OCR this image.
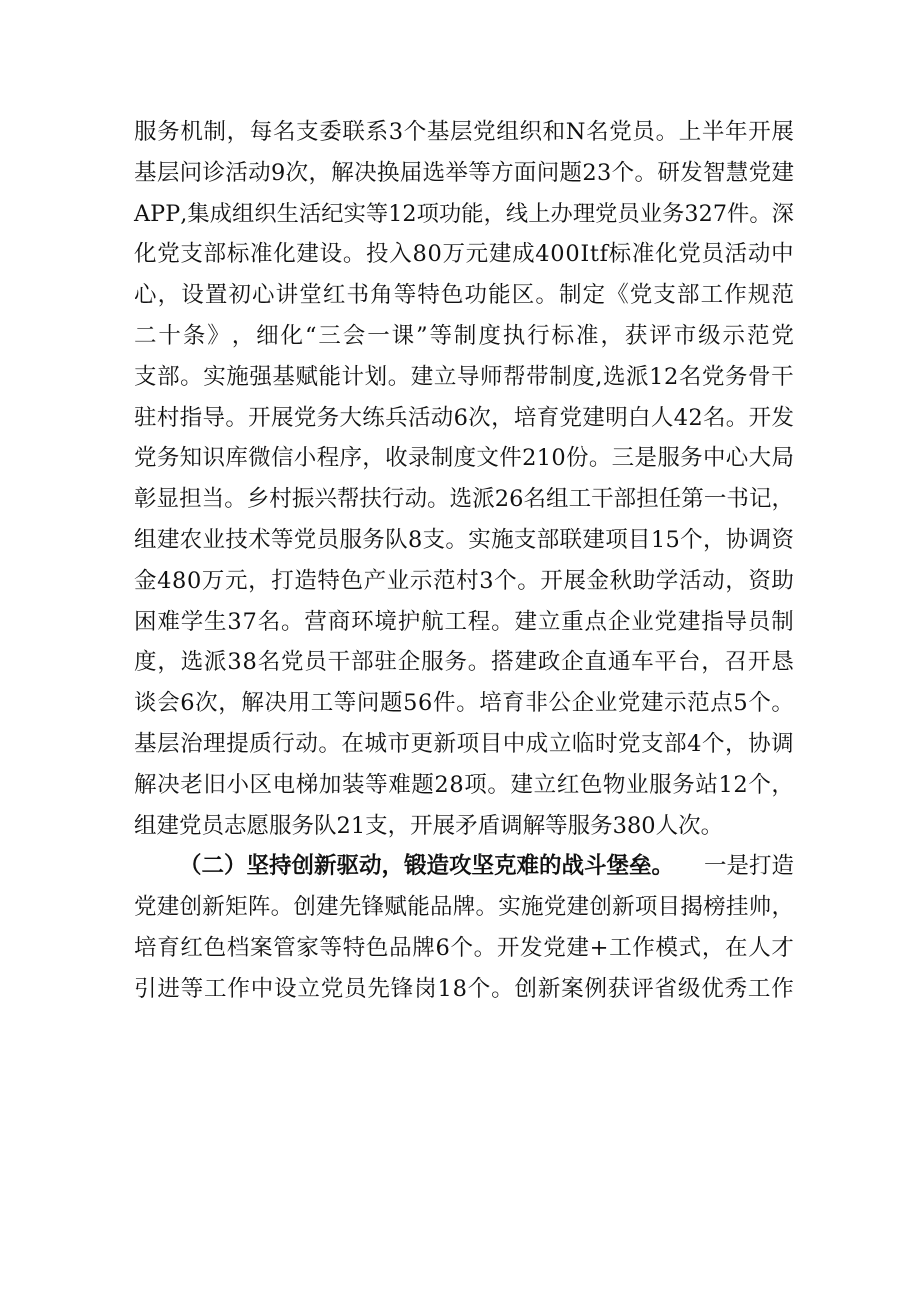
服 务 机 制 ， 每 名 支 委 联 系 3 个 基 层 党 组 织 和 N 名 党 员 。 上 半 年 开 展
基 层 问 诊 活 动 9 次 ， 解 决 换 届 选 举 等 方 面 问 题 2 3 个 。 研 发 智 慧 党 建
A P P , 集 成 组 织 生 活 纪 实 等 1 2 项 功 能 ， 线 上 办 理 党 员 业 务 3 2 7 件 。 深
化 党 支 部 标 准 化 建 设 。 投 入 8 0 万 元 建 成 4 0 0 I t f 标 准 化 党 员 活 动 中
心 ， 设 置 初 心 讲 堂 红 书 角 等 特 色 功 能 区 。 制 定 《 党 支 部 工 作 规 范
二 十 条 》 ， 细 化 “ 三 会 一 课 ” 等 制 度 执 行 标 准 ， 获 评 市 级 示 范 党
支 部 。 实 施 强 基 赋 能 计 划 。 建 立 导 师 帮 带 制 度 , 选 派 1 2 名 党 务 骨 干
驻 村 指 导 。 开 展 党 务 大 练 兵 活 动 6 次 ， 培 育 党 建 明 白 人 4 2 名 。 开 发
党 务 知 识 库 微 信 小 程 序 ， 收 录 制 度 文 件 2 1 0 份 。 三 是 服 务 中 心 大 局
彰 显 担 当 。 乡 村 振 兴 帮 扶 行 动 。 选 派 2 6 名 组 工 干 部 担 任 第 一 书 记 ，
组 建 农 业 技 术 等 党 员 服 务 队 8 支 。 实 施 支 部 联 建 项 目 1 5 个 ， 协 调 资
金 4 8 0 万 元 ， 打 造 特 色 产 业 示 范 村 3 个 。 开 展 金 秋 助 学 活 动 ， 资 助
困 难 学 生 3 7 名 。 营 商 环 境 护 航 工 程 。 建 立 重 点 企 业 党 建 指 导 员 制
度 ， 选 派 3 8 名 党 员 干 部 驻 企 服 务 。 搭 建 政 企 直 通 车 平 台 ， 召 开 恳
谈 会 6 次 ， 解 决 用 工 等 问 题 5 6 件 。 培 育 非 公 企 业 党 建 示 范 点 5 个 。
基 层 治 理 提 质 行 动 。 在 城 市 更 新 项 目 中 成 立 临 时 党 支 部 4 个 ， 协 调
解 决 老 旧 小 区 电 梯 加 装 等 难 题 2 8 项 。 建 立 红 色 物 业 服 务 站 1 2 个 ，
组建党员志愿服务队21支，开展矛盾调解等服务380人次。
（二）坚持创新驱动，锻造攻坚克难的战斗堡垒。 一是打造
党 建 创 新 矩 阵 。 创 建 先 锋 赋 能 品 牌 。 实 施 党 建 创 新 项 目 揭 榜 挂 帅 ，
培 育 红 色 档 案 管 家 等 特 色 品 牌 6 个 。 开 发 党 建 + 工 作 模 式 ， 在 人 才
引 进 等 工 作 中 设 立 党 员 先 锋 岗 1 8 个 。 创 新 案 例 获 评 省 级 优 秀 工 作
